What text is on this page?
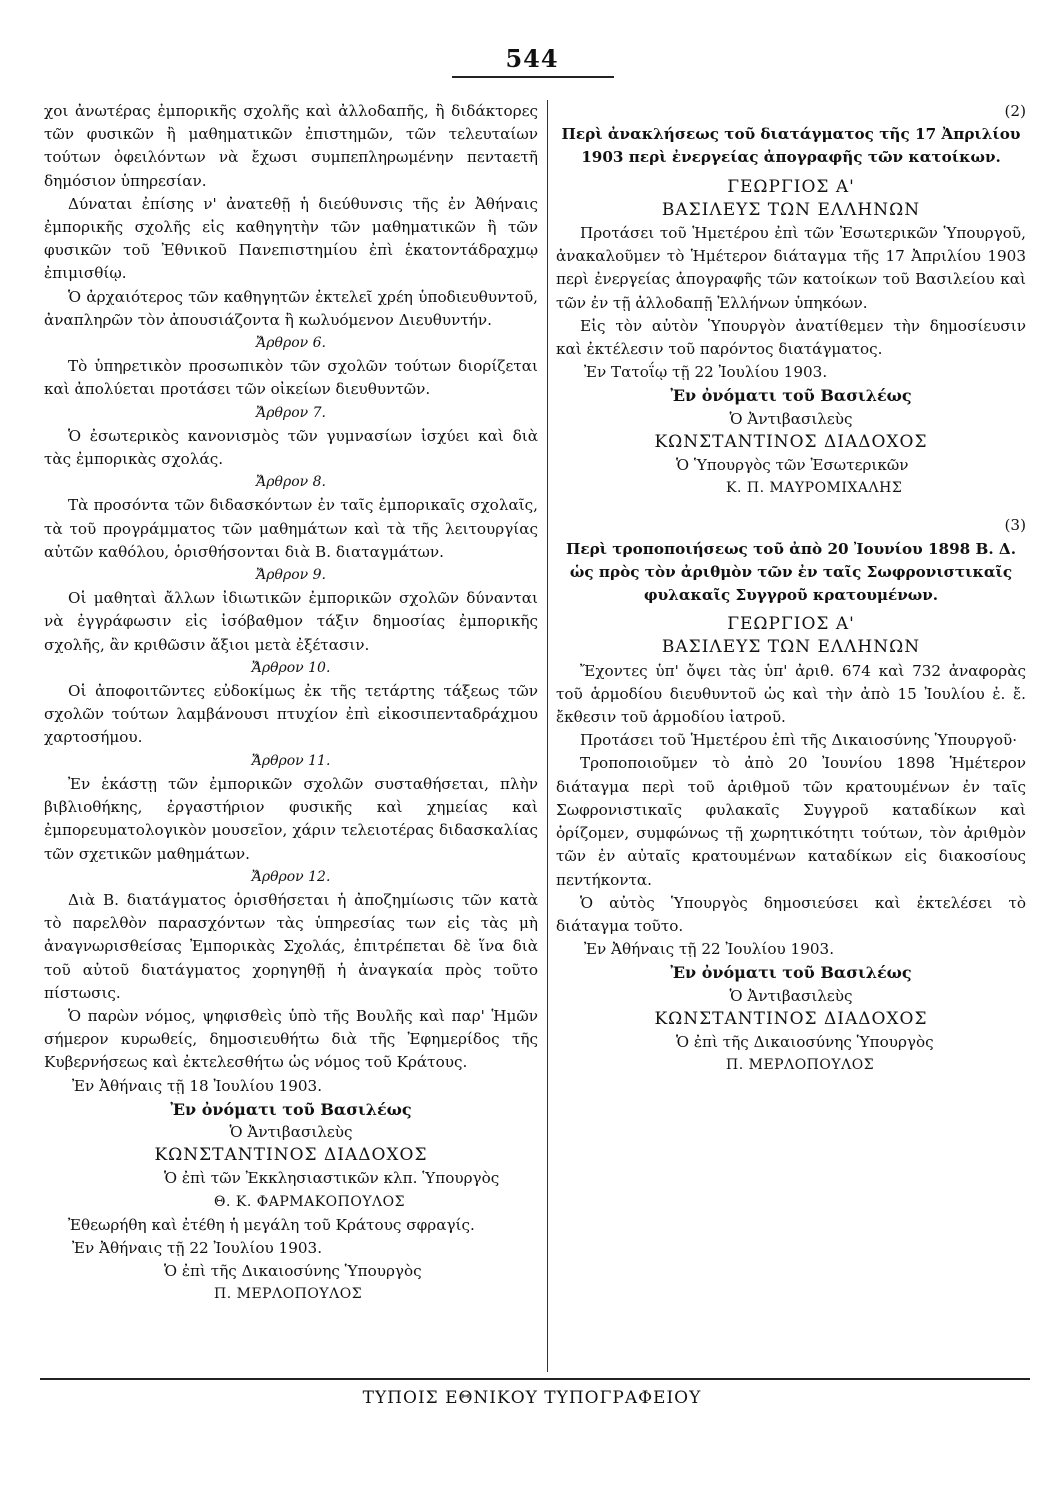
544

χοι ἀνωτέρας ἐμπορικῆς σχολῆς καὶ ἀλλοδαπῆς, ἢ διδάκτορες τῶν φυσικῶν ἢ μαθηματικῶν ἐπιστημῶν, τῶν τελευταίων τούτων ὀφειλόντων νὰ ἔχωσι συμπεπληρωμένην πενταετῆ δημόσιον ὑπηρεσίαν.

Δύναται ἐπίσης ν' ἀνατεθῇ ἡ διεύθυνσις τῆς ἐν Ἀθήναις ἐμπορικῆς σχολῆς εἰς καθηγητὴν τῶν μαθηματικῶν ἢ τῶν φυσικῶν τοῦ Ἐθνικοῦ Πανεπιστημίου ἐπὶ ἑκατοντάδραχμῳ ἐπιμισθίῳ.

Ὁ ἀρχαιότερος τῶν καθηγητῶν ἐκτελεῖ χρέη ὑποδιευθυντοῦ, ἀναπληρῶν τὸν ἀπουσιάζοντα ἢ κωλυόμενον Διευθυντήν.

Ἄρθρον 6.

Τὸ ὑπηρετικὸν προσωπικὸν τῶν σχολῶν τούτων διορίζεται καὶ ἀπολύεται προτάσει τῶν οἰκείων διευθυντῶν.

Ἄρθρον 7.

Ὁ ἐσωτερικὸς κανονισμὸς τῶν γυμνασίων ἰσχύει καὶ διὰ τὰς ἐμπορικὰς σχολάς.

Ἄρθρον 8.

Τὰ προσόντα τῶν διδασκόντων ἐν ταῖς ἐμπορικαῖς σχολαῖς, τὰ τοῦ προγράμματος τῶν μαθημάτων καὶ τὰ τῆς λειτουργίας αὐτῶν καθόλου, ὁρισθήσονται διὰ Β. διαταγμάτων.

Ἄρθρον 9.

Οἱ μαθηταὶ ἄλλων ἰδιωτικῶν ἐμπορικῶν σχολῶν δύνανται νὰ ἐγγράφωσιν εἰς ἰσόβαθμον τάξιν δημοσίας ἐμπορικῆς σχολῆς, ἂν κριθῶσιν ἄξιοι μετὰ ἐξέτασιν.

Ἄρθρον 10.

Οἱ ἀποφοιτῶντες εὐδοκίμως ἐκ τῆς τετάρτης τάξεως τῶν σχολῶν τούτων λαμβάνουσι πτυχίον ἐπὶ εἰκοσιπενταδράχμου χαρτοσήμου.

Ἄρθρον 11.

Ἐν ἑκάστῃ τῶν ἐμπορικῶν σχολῶν συσταθήσεται, πλὴν βιβλιοθήκης, ἐργαστήριον φυσικῆς καὶ χημείας καὶ ἐμπορευματολογικὸν μουσεῖον, χάριν τελειοτέρας διδασκαλίας τῶν σχετικῶν μαθημάτων.

Ἄρθρον 12.

Διὰ Β. διατάγματος ὁρισθήσεται ἡ ἀποζημίωσις τῶν κατὰ τὸ παρελθὸν παρασχόντων τὰς ὑπηρεσίας των εἰς τὰς μὴ ἀναγνωρισθείσας Ἐμπορικὰς Σχολάς, ἐπιτρέπεται δὲ ἵνα διὰ τοῦ αὐτοῦ διατάγματος χορηγηθῇ ἡ ἀναγκαία πρὸς τοῦτο πίστωσις.

Ὁ παρὼν νόμος, ψηφισθεὶς ὑπὸ τῆς Βουλῆς καὶ παρ' Ἡμῶν σήμερον κυρωθείς, δημοσιευθήτω διὰ τῆς Ἐφημερίδος τῆς Κυβερνήσεως καὶ ἐκτελεσθήτω ὡς νόμος τοῦ Κράτους.

Ἐν Ἀθήναις τῇ 18 Ἰουλίου 1903.

Ἐν ὀνόματι τοῦ Βασιλέως

Ὁ Ἀντιβασιλεὺς

ΚΩΝΣΤΑΝΤΙΝΟΣ ΔΙΑΔΟΧΟΣ

Ὁ ἐπὶ τῶν Ἐκκλησιαστικῶν κλπ. Ὑπουργὸς

Θ. Κ. ΦΑΡΜΑΚΟΠΟΥΛΟΣ

Ἐθεωρήθη καὶ ἐτέθη ἡ μεγάλη τοῦ Κράτους σφραγίς.

Ἐν Ἀθήναις τῇ 22 Ἰουλίου 1903.

Ὁ ἐπὶ τῆς Δικαιοσύνης Ὑπουργὸς

Π. ΜΕΡΛΟΠΟΥΛΟΣ

(2)

Περὶ ἀνακλήσεως τοῦ διατάγματος τῆς 17 Ἀπριλίου 1903 περὶ ἐνεργείας ἀπογραφῆς τῶν κατοίκων.

ΓΕΩΡΓΙΟΣ Α'

ΒΑΣΙΛΕΥΣ ΤΩΝ ΕΛΛΗΝΩΝ

Προτάσει τοῦ Ἡμετέρου ἐπὶ τῶν Ἐσωτερικῶν Ὑπουργοῦ, ἀνακαλοῦμεν τὸ Ἡμέτερον διάταγμα τῆς 17 Ἀπριλίου 1903 περὶ ἐνεργείας ἀπογραφῆς τῶν κατοίκων τοῦ Βασιλείου καὶ τῶν ἐν τῇ ἀλλοδαπῇ Ἑλλήνων ὑπηκόων.

Εἰς τὸν αὐτὸν Ὑπουργὸν ἀνατίθεμεν τὴν δημοσίευσιν καὶ ἐκτέλεσιν τοῦ παρόντος διατάγματος.

Ἐν Τατοΐῳ τῇ 22 Ἰουλίου 1903.

Ἐν ὀνόματι τοῦ Βασιλέως

Ὁ Ἀντιβασιλεὺς

ΚΩΝΣΤΑΝΤΙΝΟΣ ΔΙΑΔΟΧΟΣ

Ὁ Ὑπουργὸς τῶν Ἐσωτερικῶν

Κ. Π. ΜΑΥΡΟΜΙΧΑΛΗΣ

(3)

Περὶ τροποποιήσεως τοῦ ἀπὸ 20 Ἰουνίου 1898 Β. Δ. ὡς πρὸς τὸν ἀριθμὸν τῶν ἐν ταῖς Σωφρονιστικαῖς φυλακαῖς Συγγροῦ κρατουμένων.

ΓΕΩΡΓΙΟΣ Α'

ΒΑΣΙΛΕΥΣ ΤΩΝ ΕΛΛΗΝΩΝ

Ἔχοντες ὑπ' ὄψει τὰς ὑπ' ἀριθ. 674 καὶ 732 ἀναφορὰς τοῦ ἁρμοδίου διευθυντοῦ ὡς καὶ τὴν ἀπὸ 15 Ἰουλίου ἐ. ἔ. ἔκθεσιν τοῦ ἁρμοδίου ἰατροῦ.

Προτάσει τοῦ Ἡμετέρου ἐπὶ τῆς Δικαιοσύνης Ὑπουργοῦ·

Τροποποιοῦμεν τὸ ἀπὸ 20 Ἰουνίου 1898 Ἡμέτερον διάταγμα περὶ τοῦ ἀριθμοῦ τῶν κρατουμένων ἐν ταῖς Σωφρονιστικαῖς φυλακαῖς Συγγροῦ καταδίκων καὶ ὁρίζομεν, συμφώνως τῇ χωρητικότητι τούτων, τὸν ἀριθμὸν τῶν ἐν αὐταῖς κρατουμένων καταδίκων εἰς διακοσίους πεντήκοντα.

Ὁ αὐτὸς Ὑπουργὸς δημοσιεύσει καὶ ἐκτελέσει τὸ διάταγμα τοῦτο.

Ἐν Ἀθήναις τῇ 22 Ἰουλίου 1903.

Ἐν ὀνόματι τοῦ Βασιλέως

Ὁ Ἀντιβασιλεὺς

ΚΩΝΣΤΑΝΤΙΝΟΣ ΔΙΑΔΟΧΟΣ

Ὁ ἐπὶ τῆς Δικαιοσύνης Ὑπουργὸς

Π. ΜΕΡΛΟΠΟΥΛΟΣ

ΤΥΠΟΙΣ ΕΘΝΙΚΟΥ ΤΥΠΟΓΡΑΦΕΙΟΥ
